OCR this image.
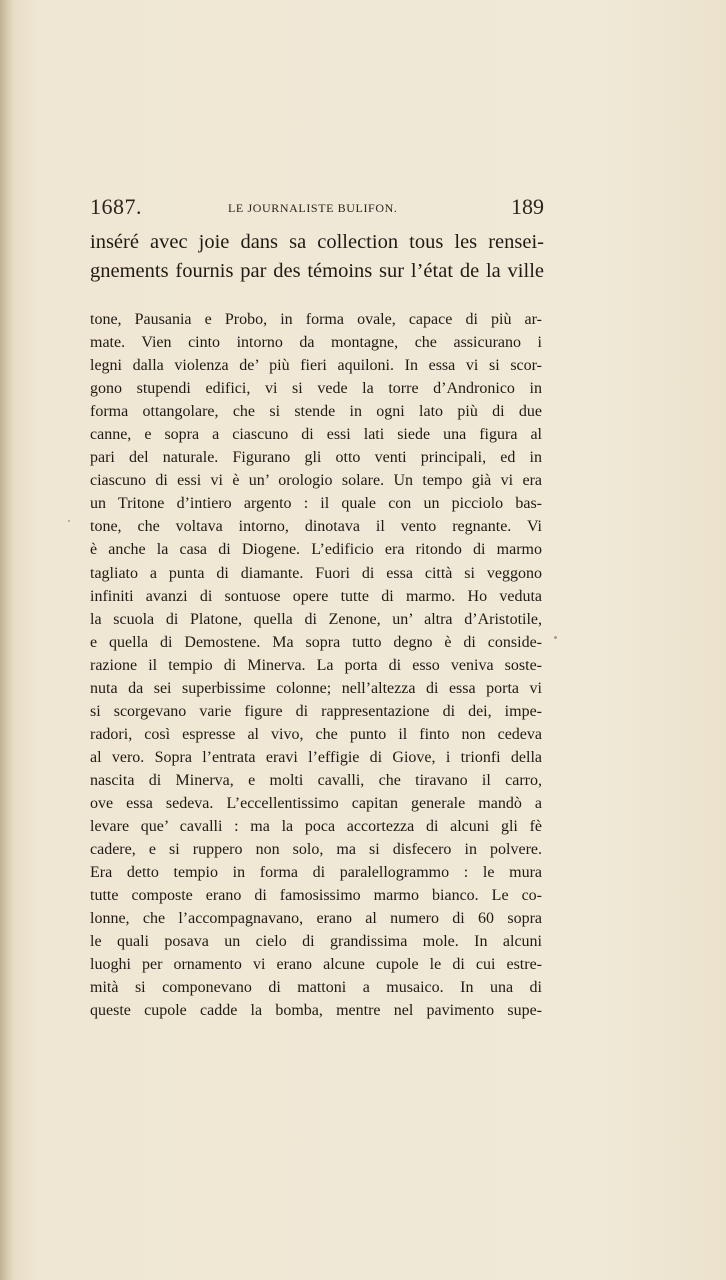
1687.	LE JOURNALISTE BULIFON.	189
inséré avec joie dans sa collection tous les rensei-
gnements fournis par des témoins sur l’état de la ville
tone, Pausania e Probo, in forma ovale, capace di più ar-
mate. Vien cinto intorno da montagne, che assicurano i
legni dalla violenza de’ più fieri aquiloni. In essa vi si scor-
gono stupendi edifici, vi si vede la torre d’Andronico in
forma ottangolare, che si stende in ogni lato più di due
canne, e sopra a ciascuno di essi lati siede una figura al
pari del naturale. Figurano gli otto venti principali, ed in
ciascuno di essi vi è un’ orologio solare. Un tempo già vi era
un Tritone d’intiero argento : il quale con un picciolo bas-
tone, che voltava intorno, dinotava il vento regnante. Vi
è anche la casa di Diogene. L’edificio era ritondo di marmo
tagliato a punta di diamante. Fuori di essa città si veggono
infiniti avanzi di sontuose opere tutte di marmo. Ho veduta
la scuola di Platone, quella di Zenone, un’ altra d’Aristotile,
e quella di Demostene. Ma sopra tutto degno è di conside-
razione il tempio di Minerva. La porta di esso veniva soste-
nuta da sei superbissime colonne; nell’altezza di essa porta vi
si scorgevano varie figure di rappresentazione di dei, impe-
radori, così espresse al vivo, che punto il finto non cedeva
al vero. Sopra l’entrata eravi l’effigie di Giove, i trionfi della
nascita di Minerva, e molti cavalli, che tiravano il carro,
ove essa sedeva. L’eccellentissimo capitan generale mandò a
levare que’ cavalli : ma la poca accortezza di alcuni gli fè
cadere, e si ruppero non solo, ma si disfecero in polvere.
Era detto tempio in forma di paralellogrammo : le mura
tutte composte erano di famosissimo marmo bianco. Le co-
lonne, che l’accompagnavano, erano al numero di 60 sopra
le quali posava un cielo di grandissima mole. In alcuni
luoghi per ornamento vi erano alcune cupole le di cui estre-
mità si componevano di mattoni a musaico. In una di
queste cupole cadde la bomba, mentre nel pavimento supe-
